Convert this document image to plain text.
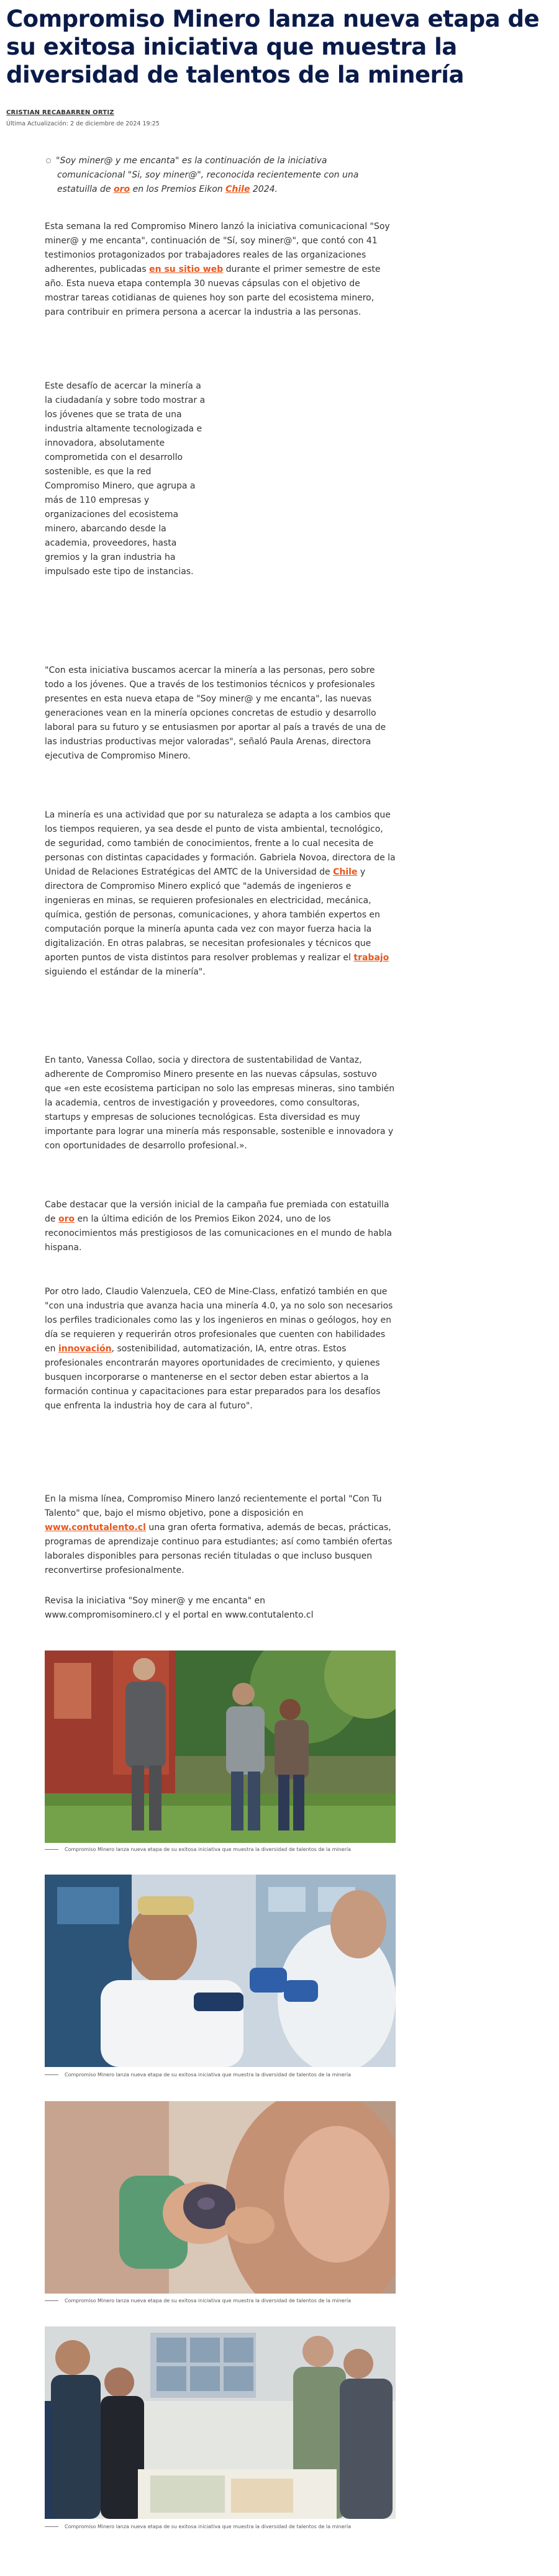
Compromiso Minero lanza nueva etapa de su exitosa iniciativa que muestra la diversidad de talentos de la minería
CRISTIAN RECABARREN ORTIZ
Última Actualización: 2 de diciembre de 2024 19:25
"Soy miner@ y me encanta" es la continuación de la iniciativa comunicacional "Si, soy miner@", reconocida recientemente con una estatuilla de oro en los Premios Eikon Chile 2024.
Esta semana la red Compromiso Minero lanzó la iniciativa comunicacional "Soy miner@ y me encanta", continuación de "Sí, soy miner@", que contó con 41 testimonios protagonizados por trabajadores reales de las organizaciones adherentes, publicadas en su sitio web durante el primer semestre de este año. Esta nueva etapa contempla 30 nuevas cápsulas con el objetivo de mostrar tareas cotidianas de quienes hoy son parte del ecosistema minero, para contribuir en primera persona a acercar la industria a las personas.
Este desafío de acercar la minería a la ciudadanía y sobre todo mostrar a los jóvenes que se trata de una industria altamente tecnologizada e innovadora, absolutamente comprometida con el desarrollo sostenible, es que la red Compromiso Minero, que agrupa a más de 110 empresas y organizaciones del ecosistema minero, abarcando desde la academia, proveedores, hasta gremios y la gran industria ha impulsado este tipo de instancias.
"Con esta iniciativa buscamos acercar la minería a las personas, pero sobre todo a los jóvenes. Que a través de los testimonios técnicos y profesionales presentes en esta nueva etapa de "Soy miner@ y me encanta", las nuevas generaciones vean en la minería opciones concretas de estudio y desarrollo laboral para su futuro y se entusiasmen por aportar al país a través de una de las industrias productivas mejor valoradas", señaló Paula Arenas, directora ejecutiva de Compromiso Minero.
La minería es una actividad que por su naturaleza se adapta a los cambios que los tiempos requieren, ya sea desde el punto de vista ambiental, tecnológico, de seguridad, como también de conocimientos, frente a lo cual necesita de personas con distintas capacidades y formación. Gabriela Novoa, directora de la Unidad de Relaciones Estratégicas del AMTC de la Universidad de Chile y directora de Compromiso Minero explicó que "además de ingenieros e ingenieras en minas, se requieren profesionales en electricidad, mecánica, química, gestión de personas, comunicaciones, y ahora también expertos en computación porque la minería apunta cada vez con mayor fuerza hacia la digitalización. En otras palabras, se necesitan profesionales y técnicos que aporten puntos de vista distintos para resolver problemas y realizar el trabajo siguiendo el estándar de la minería".
En tanto, Vanessa Collao, socia y directora de sustentabilidad de Vantaz, adherente de Compromiso Minero presente en las nuevas cápsulas, sostuvo que «en este ecosistema participan no solo las empresas mineras, sino también la academia, centros de investigación y proveedores, como consultoras, startups y empresas de soluciones tecnológicas. Esta diversidad es muy importante para lograr una minería más responsable, sostenible e innovadora y con oportunidades de desarrollo profesional.».
Cabe destacar que la versión inicial de la campaña fue premiada con estatuilla de oro en la última edición de los Premios Eikon 2024, uno de los reconocimientos más prestigiosos de las comunicaciones en el mundo de habla hispana.
Por otro lado, Claudio Valenzuela, CEO de Mine-Class, enfatizó también en que "con una industria que avanza hacia una minería 4.0, ya no solo son necesarios los perfiles tradicionales como las y los ingenieros en minas o geólogos, hoy en día se requieren y requerirán otros profesionales que cuenten con habilidades en innovación, sostenibilidad, automatización, IA, entre otras. Estos profesionales encontrarán mayores oportunidades de crecimiento, y quienes busquen incorporarse o mantenerse en el sector deben estar abiertos a la formación continua y capacitaciones para estar preparados para los desafíos que enfrenta la industria hoy de cara al futuro".
En la misma línea, Compromiso Minero lanzó recientemente el portal "Con Tu Talento" que, bajo el mismo objetivo, pone a disposición en www.contutalento.cl una gran oferta formativa, además de becas, prácticas, programas de aprendizaje continuo para estudiantes; así como también ofertas laborales disponibles para personas recién tituladas o que incluso busquen reconvertirse profesionalmente.
Revisa la iniciativa "Soy miner@ y me encanta" en www.compromisominero.cl y el portal en www.contutalento.cl
Compromiso Minero lanza nueva etapa de su exitosa iniciativa que muestra la diversidad de talentos de la minería
Compromiso Minero lanza nueva etapa de su exitosa iniciativa que muestra la diversidad de talentos de la minería
Compromiso Minero lanza nueva etapa de su exitosa iniciativa que muestra la diversidad de talentos de la minería
Compromiso Minero lanza nueva etapa de su exitosa iniciativa que muestra la diversidad de talentos de la minería
